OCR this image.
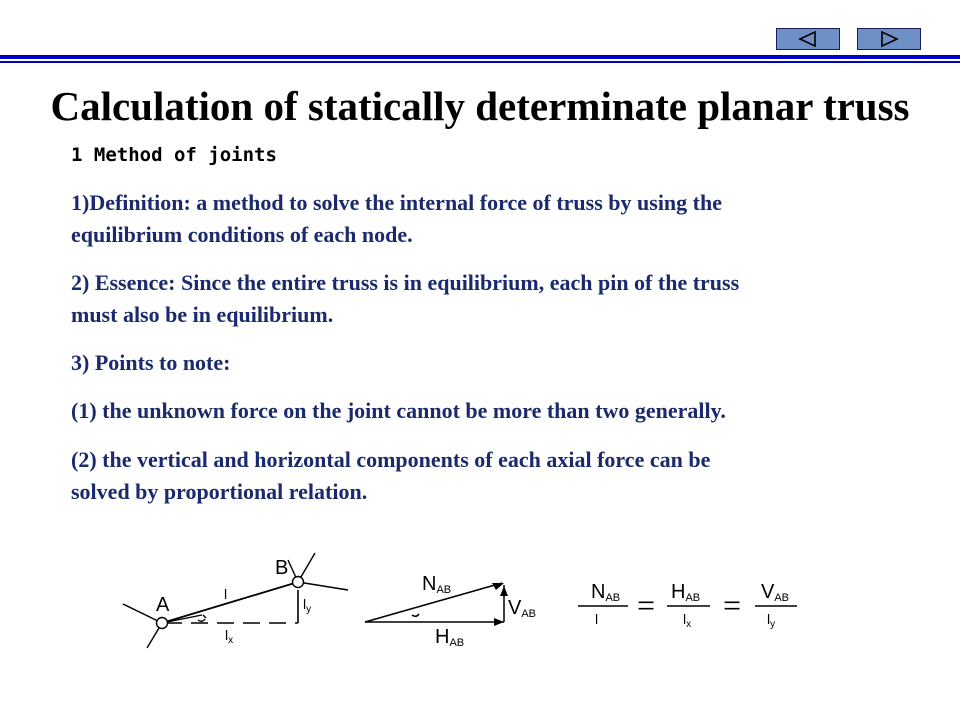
Calculation of statically determinate planar truss
1 Method of joints
1)Definition: a method to solve the internal force of truss by using the
equilibrium conditions of each node.
2) Essence: Since the entire truss is in equilibrium, each pin of the truss
must also be in equilibrium.
3) Points to note:
(1) the unknown force on the joint cannot be more than two generally.
(2) the vertical and horizontal components of each axial force can be
solved by proportional relation.
A
B
l
$l_x$
$l_y$
NAB
VAB
HAB
NAB
l = HAB
$l_x$
= VAB
$l_y$
